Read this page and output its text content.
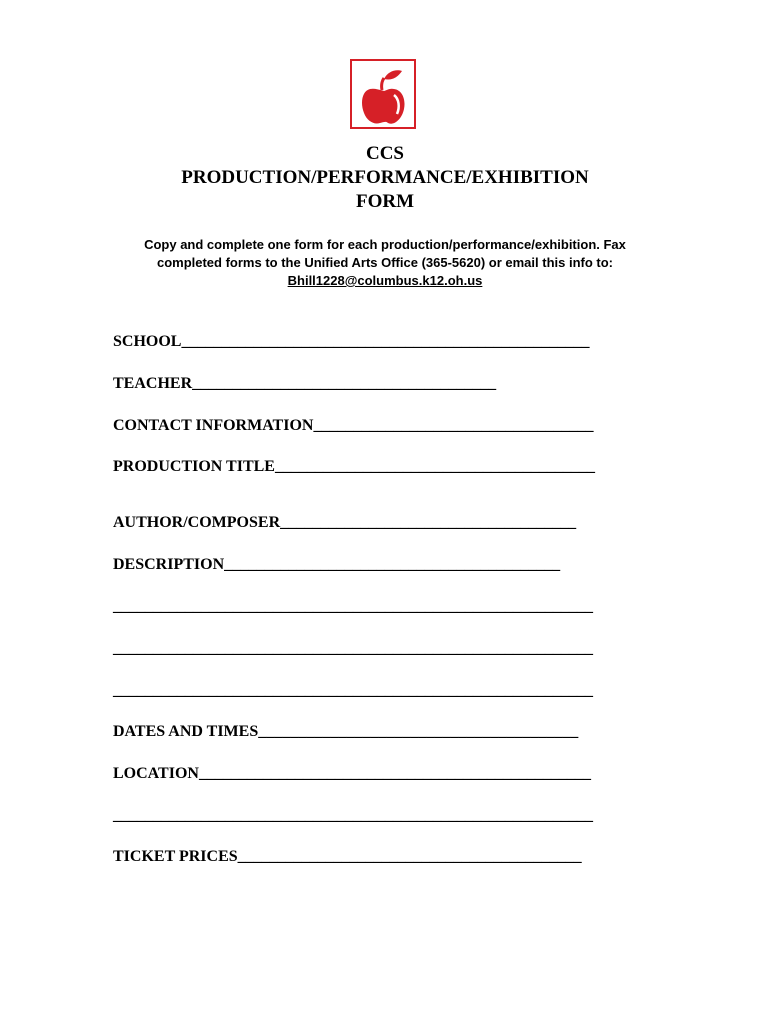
CCS
PRODUCTION/PERFORMANCE/EXHIBITION
FORM
Copy and complete one form for each production/performance/exhibition. Fax
completed forms to the Unified Arts Office (365-5620) or email this info to:
Bhill1228@columbus.k12.oh.us
SCHOOL___________________________________________________
TEACHER______________________________________
CONTACT INFORMATION___________________________________
PRODUCTION TITLE________________________________________
AUTHOR/COMPOSER_____________________________________
DESCRIPTION__________________________________________
____________________________________________________________
____________________________________________________________
____________________________________________________________
DATES AND TIMES________________________________________
LOCATION_________________________________________________
____________________________________________________________
TICKET PRICES___________________________________________
